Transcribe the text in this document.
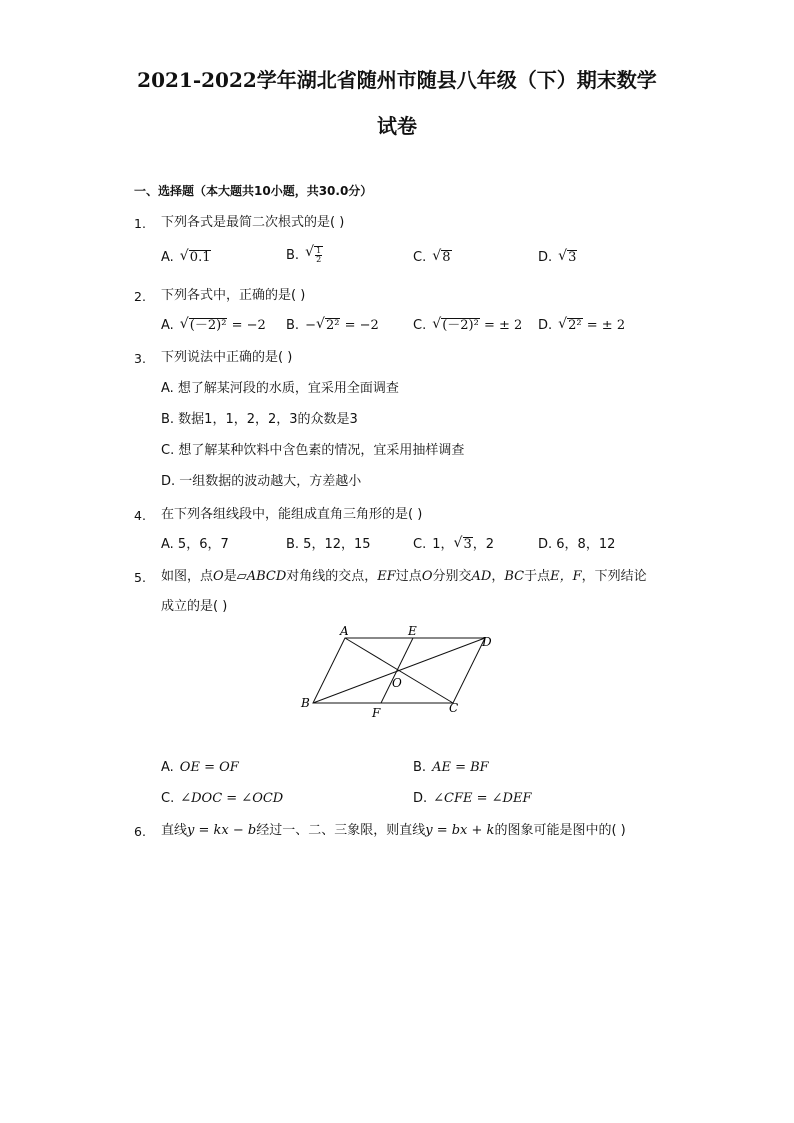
2021-2022学年湖北省随州市随县八年级（下）期末数学
试卷
一、选择题（本大题共10小题，共30.0分）
1.	下列各式是最简二次根式的是( )
A. √ 0.1	B. √ $\frac{1}{2}$	C. √ 8	D. √ 3
2.	下列各式中，正确的是( )
A. √ (－2)² = −2 B. − √ 2² = −2	C. √ (－2)² = ± 2 D. √ 2² = ± 2
3.	下列说法中正确的是( )
A. 想了解某河段的水质，宜采用全面调查
B. 数据1，1，2，2，3的众数是3
C. 想了解某种饮料中含色素的情况，宜采用抽样调查
D. 一组数据的波动越大，方差越小
4.	在下列各组线段中，能组成直角三角形的是( )
A. 5，6，7	B. 5，12，15	C. 1， √ 3，2	D. 6，8，12
5.	如图，点O是▱ABCD对角线的交点，EF过点O分别交AD，BC于点E，F，下列结论
成立的是( )
A	E
D
O
B
F	C
A. OE = OF	B. AE = BF
C. ∠DOC = ∠OCD	D. ∠CFE = ∠DEF
6.	直线y = kx − b经过一、二、三象限，则直线y = bx + k的图象可能是图中的( )
